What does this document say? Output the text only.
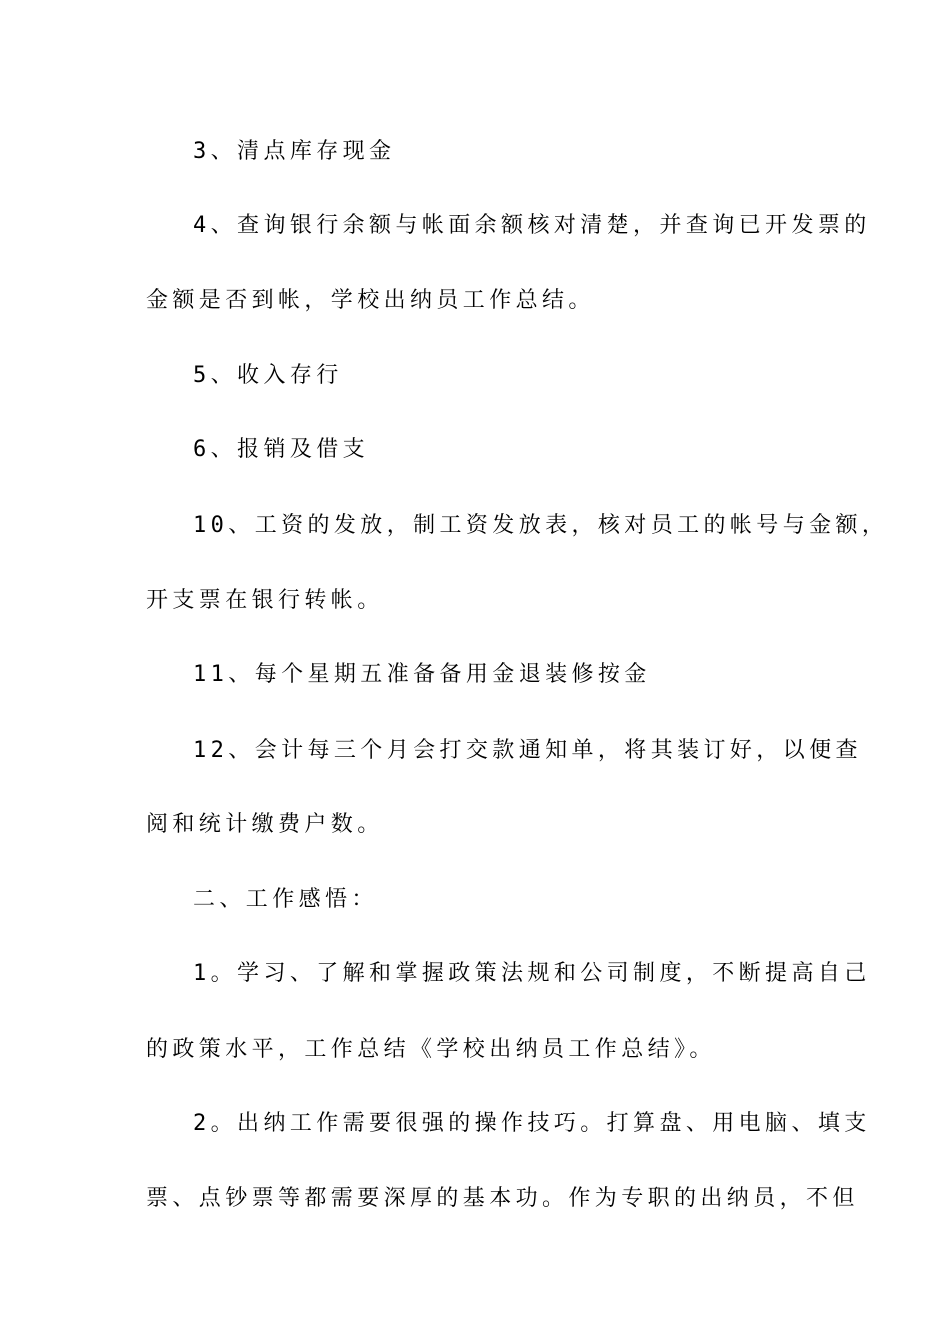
3、清点库存现金
4、查询银行余额与帐面余额核对清楚，并查询已开发票的
金额是否到帐，学校出纳员工作总结。
5、收入存行
6、报销及借支
10、工资的发放，制工资发放表，核对员工的帐号与金额，
开支票在银行转帐。
11、每个星期五准备备用金退装修按金
12、会计每三个月会打交款通知单，将其装订好，以便查
阅和统计缴费户数。
二、工作感悟：
1。学习、了解和掌握政策法规和公司制度，不断提高自己
的政策水平，工作总结《学校出纳员工作总结》。
2。出纳工作需要很强的操作技巧。打算盘、用电脑、填支
票、点钞票等都需要深厚的基本功。作为专职的出纳员，不但
